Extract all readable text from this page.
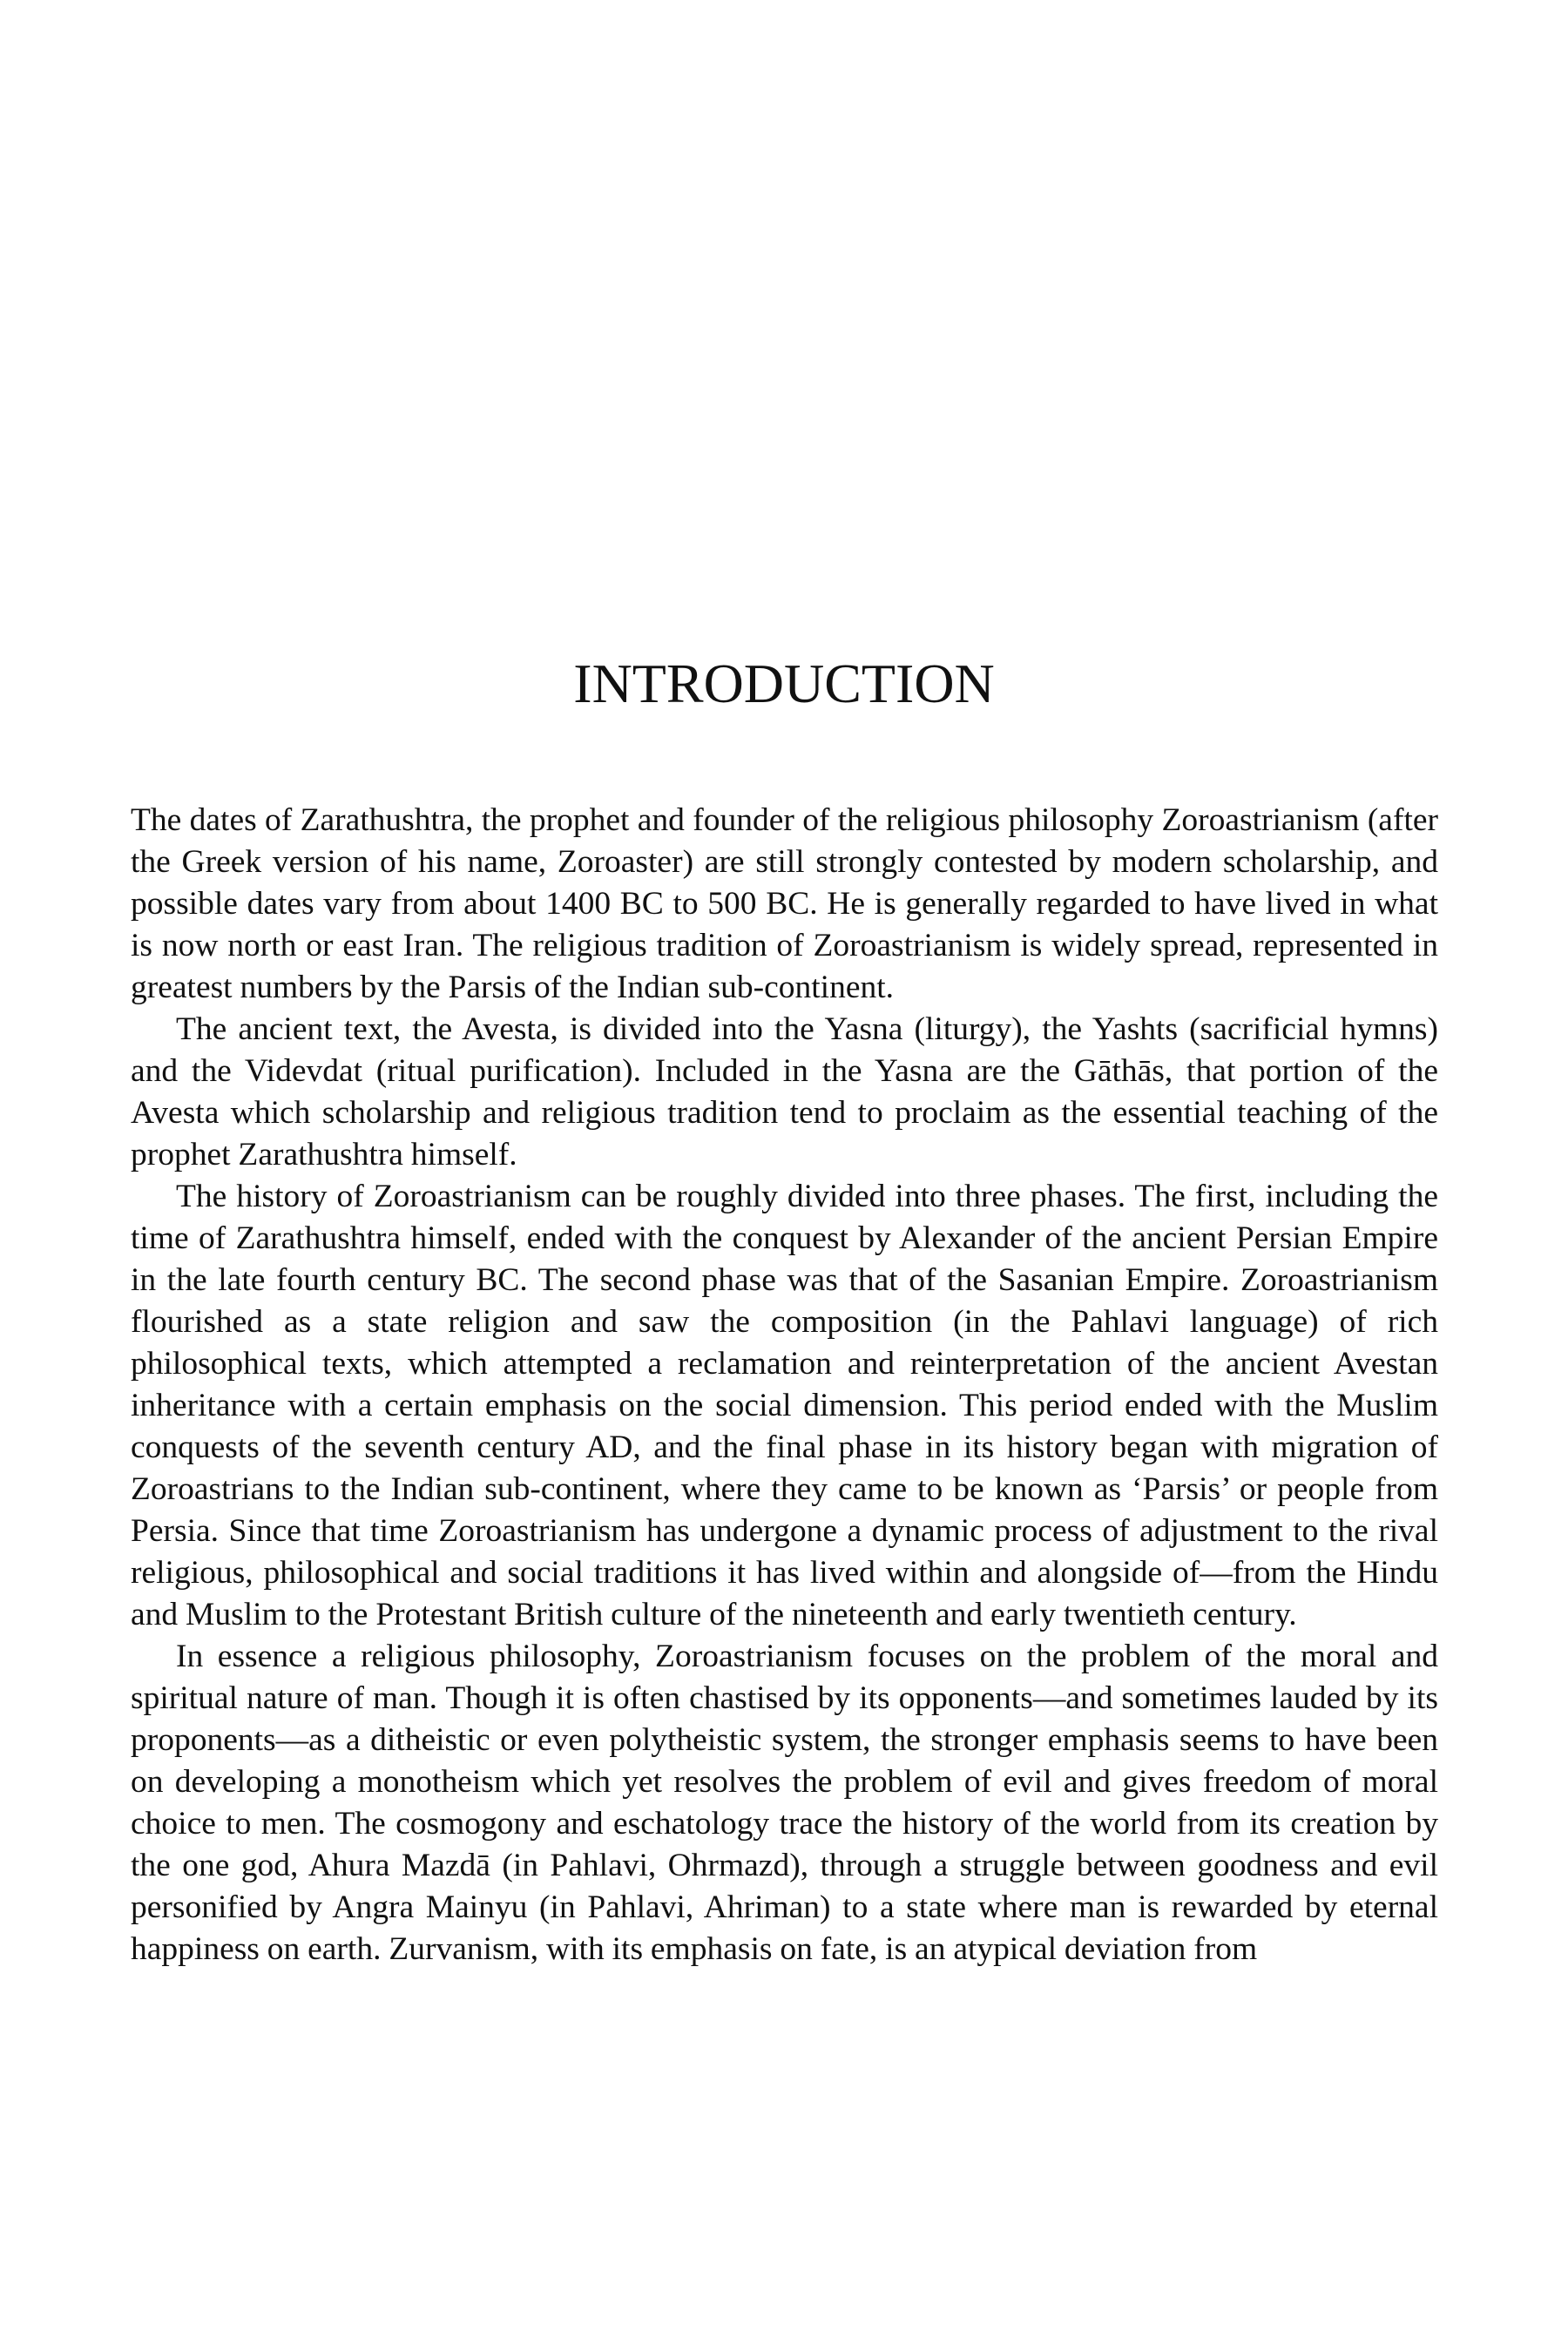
INTRODUCTION

The dates of Zarathushtra, the prophet and founder of the religious philosophy Zoroastrianism (after the Greek version of his name, Zoroaster) are still strongly contested by modern scholarship, and possible dates vary from about 1400 BC to 500 BC. He is generally regarded to have lived in what is now north or east Iran. The religious tradition of Zoroastrianism is widely spread, represented in greatest numbers by the Parsis of the Indian sub-continent.

The ancient text, the Avesta, is divided into the Yasna (liturgy), the Yashts (sacrificial hymns) and the Videvdat (ritual purification). Included in the Yasna are the Gāthās, that portion of the Avesta which scholarship and religious tradition tend to proclaim as the essential teaching of the prophet Zarathushtra himself.

The history of Zoroastrianism can be roughly divided into three phases. The first, including the time of Zarathushtra himself, ended with the conquest by Alexander of the ancient Persian Empire in the late fourth century BC. The second phase was that of the Sasanian Empire. Zoroastrianism flourished as a state religion and saw the composition (in the Pahlavi language) of rich philosophical texts, which attempted a reclamation and reinterpretation of the ancient Avestan inheritance with a certain emphasis on the social dimension. This period ended with the Muslim conquests of the seventh century AD, and the final phase in its history began with migration of Zoroastrians to the Indian sub-continent, where they came to be known as ‘Parsis’ or people from Persia. Since that time Zoroastrianism has undergone a dynamic process of adjustment to the rival religious, philosophical and social traditions it has lived within and alongside of—from the Hindu and Muslim to the Protestant British culture of the nineteenth and early twentieth century.

In essence a religious philosophy, Zoroastrianism focuses on the problem of the moral and spiritual nature of man. Though it is often chastised by its opponents—and sometimes lauded by its proponents—as a ditheistic or even polytheistic system, the stronger emphasis seems to have been on developing a monotheism which yet resolves the problem of evil and gives freedom of moral choice to men. The cosmogony and eschatology trace the history of the world from its creation by the one god, Ahura Mazdā (in Pahlavi, Ohrmazd), through a struggle between goodness and evil personified by Angra Mainyu (in Pahlavi, Ahriman) to a state where man is rewarded by eternal happiness on earth. Zurvanism, with its emphasis on fate, is an atypical deviation from
